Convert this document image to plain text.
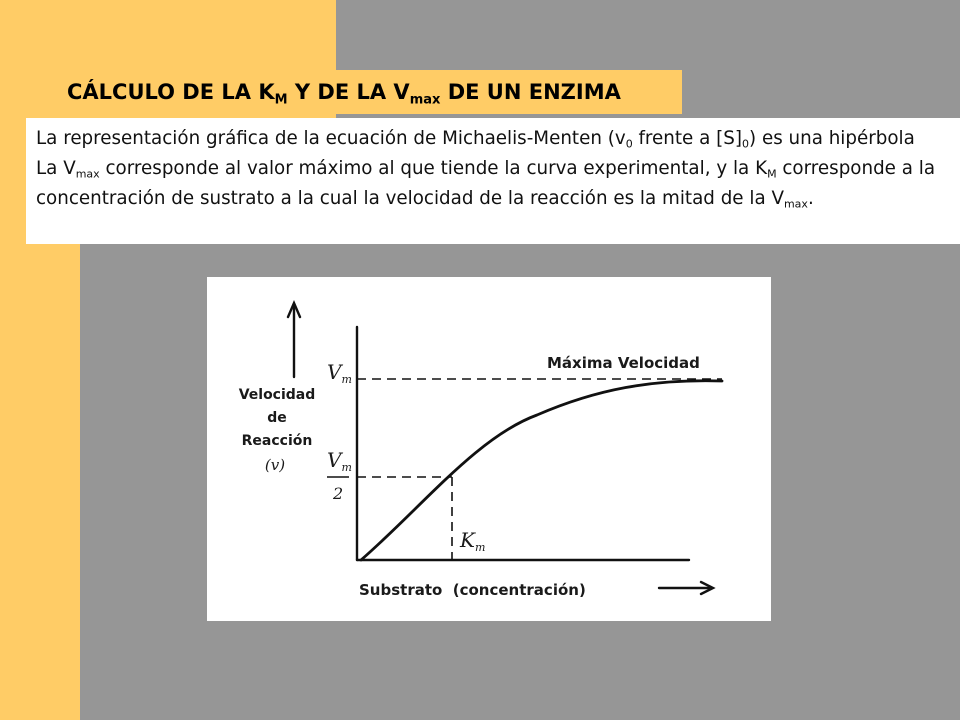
CÁLCULO DE LA $K_M$ Y DE LA $V_{max}$ DE UN ENZIMA

La representación gráfica de la ecuación de Michaelis-Menten ($v_0$ frente a $[S]_0$) es una hipérbola La $V_{max}$ corresponde al valor máximo al que tiende la curva experimental, y la $K_M$ corresponde a la concentración de sustrato a la cual la velocidad de la reacción es la mitad de la $V_{max}$.

Máxima Velocidad
Velocidad
de
Reacción
(v)
$V_m$
$V_m$
2
$K_m$
Substrato  (concentración)
